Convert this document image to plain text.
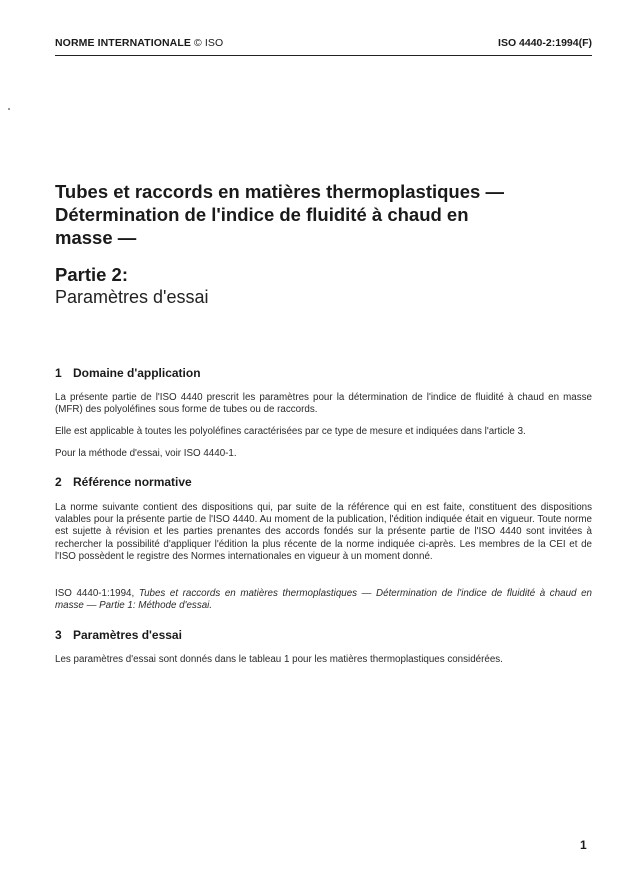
NORME INTERNATIONALE © ISO	ISO 4440-2:1994(F)
Tubes et raccords en matières thermoplastiques —
Détermination de l'indice de fluidité à chaud en
masse —
Partie 2:
Paramètres d'essai
1 Domaine d'application

La présente partie de l'ISO 4440 prescrit les paramètres pour la détermination de l'indice de fluidité à chaud en masse (MFR) des polyoléfines sous forme de tubes ou de raccords.

Elle est applicable à toutes les polyoléfines caractérisées par ce type de mesure et indiquées dans l'article 3.

Pour la méthode d'essai, voir ISO 4440-1.

2 Référence normative

La norme suivante contient des dispositions qui, par suite de la référence qui en est faite, constituent des dispositions valables pour la présente partie de l'ISO 4440. Au moment de la publication, l'édition indiquée était en vigueur. Toute norme est sujette à révision et les parties prenantes des accords fondés sur la présente partie de l'ISO 4440 sont invitées à rechercher la possibilité d'appliquer l'édition la plus récente de la norme indiquée ci-après. Les membres de la CEI et de l'ISO possèdent le registre des Normes internationales en vigueur à un moment donné.

ISO 4440-1:1994, Tubes et raccords en matières thermoplastiques — Détermination de l'indice de fluidité à chaud en masse — Partie 1: Méthode d'essai.

3 Paramètres d'essai

Les paramètres d'essai sont donnés dans le tableau 1 pour les matières thermoplastiques considérées.

1
